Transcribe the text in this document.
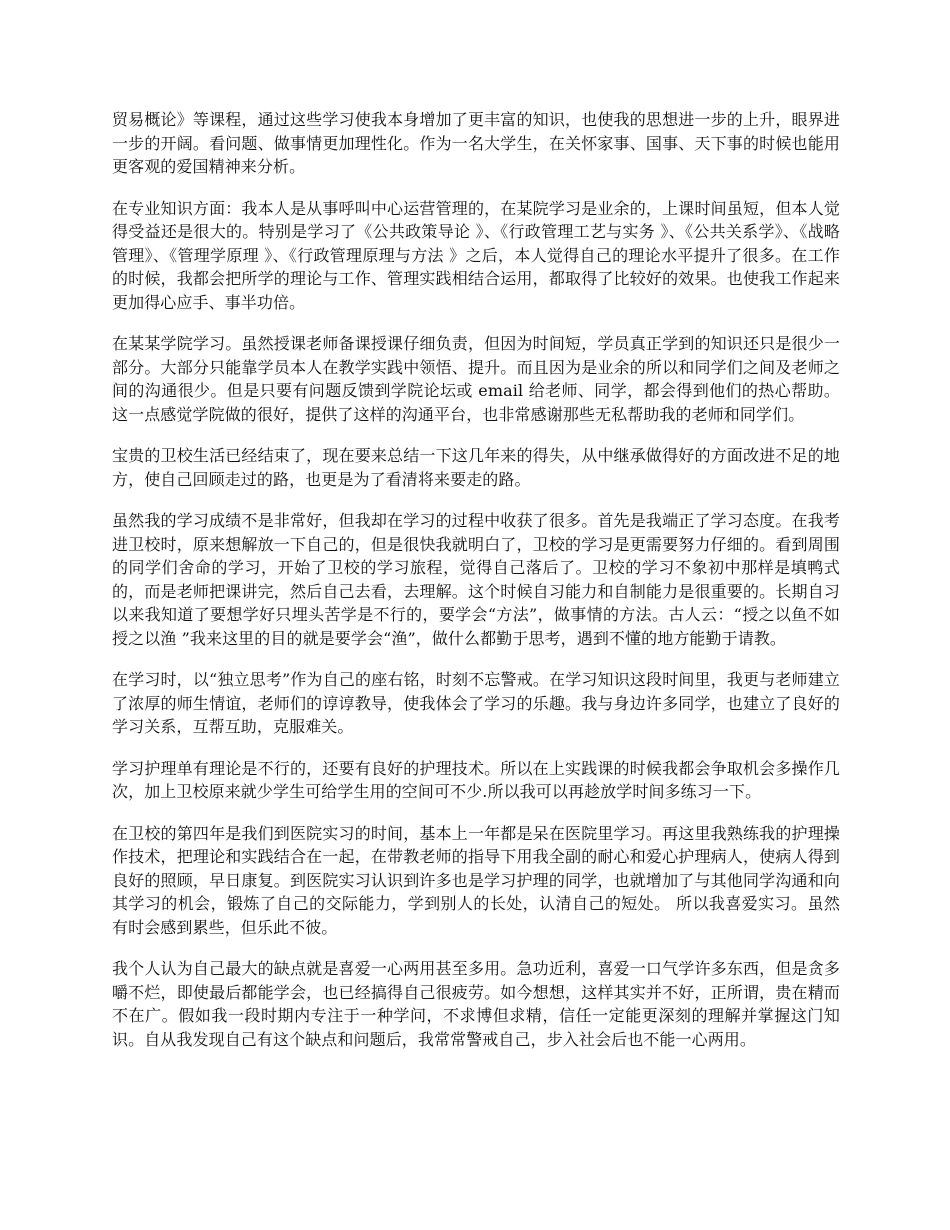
贸易概论》等课程，通过这些学习使我本身增加了更丰富的知识，也使我的思想进一步的上升，眼界进一步的开阔。看问题、做事情更加理性化。作为一名大学生，在关怀家事、国事、天下事的时候也能用更客观的爱国精神来分析。

在专业知识方面：我本人是从事呼叫中心运营管理的，在某院学习是业余的，上课时间虽短，但本人觉得受益还是很大的。特别是学习了《公共政策导论 》、《行政管理工艺与实务 》、《公共关系学》、《战略管理》、《管理学原理 》、《行政管理原理与方法 》之后，本人觉得自己的理论水平提升了很多。在工作的时候，我都会把所学的理论与工作、管理实践相结合运用，都取得了比较好的效果。也使我工作起来更加得心应手、事半功倍。

在某某学院学习。虽然授课老师备课授课仔细负责，但因为时间短，学员真正学到的知识还只是很少一部分。大部分只能靠学员本人在教学实践中领悟、提升。而且因为是业余的所以和同学们之间及老师之间的沟通很少。但是只要有问题反馈到学院论坛或 email 给老师、同学，都会得到他们的热心帮助。这一点感觉学院做的很好，提供了这样的沟通平台，也非常感谢那些无私帮助我的老师和同学们。

宝贵的卫校生活已经结束了，现在要来总结一下这几年来的得失，从中继承做得好的方面改进不足的地方，使自己回顾走过的路，也更是为了看清将来要走的路。

虽然我的学习成绩不是非常好，但我却在学习的过程中收获了很多。首先是我端正了学习态度。在我考进卫校时，原来想解放一下自己的，但是很快我就明白了，卫校的学习是更需要努力仔细的。看到周围的同学们舍命的学习，开始了卫校的学习旅程，觉得自己落后了。卫校的学习不象初中那样是填鸭式的，而是老师把课讲完，然后自己去看，去理解。这个时候自习能力和自制能力是很重要的。长期自习以来我知道了要想学好只埋头苦学是不行的，要学会“方法”，做事情的方法。古人云：“授之以鱼不如授之以渔 ”我来这里的目的就是要学会“渔”，做什么都勤于思考，遇到不懂的地方能勤于请教。

在学习时，以“独立思考”作为自己的座右铭，时刻不忘警戒。在学习知识这段时间里，我更与老师建立了浓厚的师生情谊，老师们的谆谆教导，使我体会了学习的乐趣。我与身边许多同学，也建立了良好的学习关系，互帮互助，克服难关。

学习护理单有理论是不行的，还要有良好的护理技术。所以在上实践课的时候我都会争取机会多操作几次，加上卫校原来就少学生可给学生用的空间可不少.所以我可以再趁放学时间多练习一下。

在卫校的第四年是我们到医院实习的时间，基本上一年都是呆在医院里学习。再这里我熟练我的护理操作技术，把理论和实践结合在一起，在带教老师的指导下用我全副的耐心和爱心护理病人，使病人得到良好的照顾，早日康复。到医院实习认识到许多也是学习护理的同学，也就增加了与其他同学沟通和向其学习的机会，锻炼了自己的交际能力，学到别人的长处，认清自己的短处。 所以我喜爱实习。虽然有时会感到累些，但乐此不彼。

我个人认为自己最大的缺点就是喜爱一心两用甚至多用。急功近利，喜爱一口气学许多东西，但是贪多嚼不烂，即使最后都能学会，也已经搞得自己很疲劳。如今想想，这样其实并不好，正所谓，贵在精而不在广。假如我一段时期内专注于一种学问，不求博但求精，信任一定能更深刻的理解并掌握这门知识。自从我发现自己有这个缺点和问题后，我常常警戒自己，步入社会后也不能一心两用。
